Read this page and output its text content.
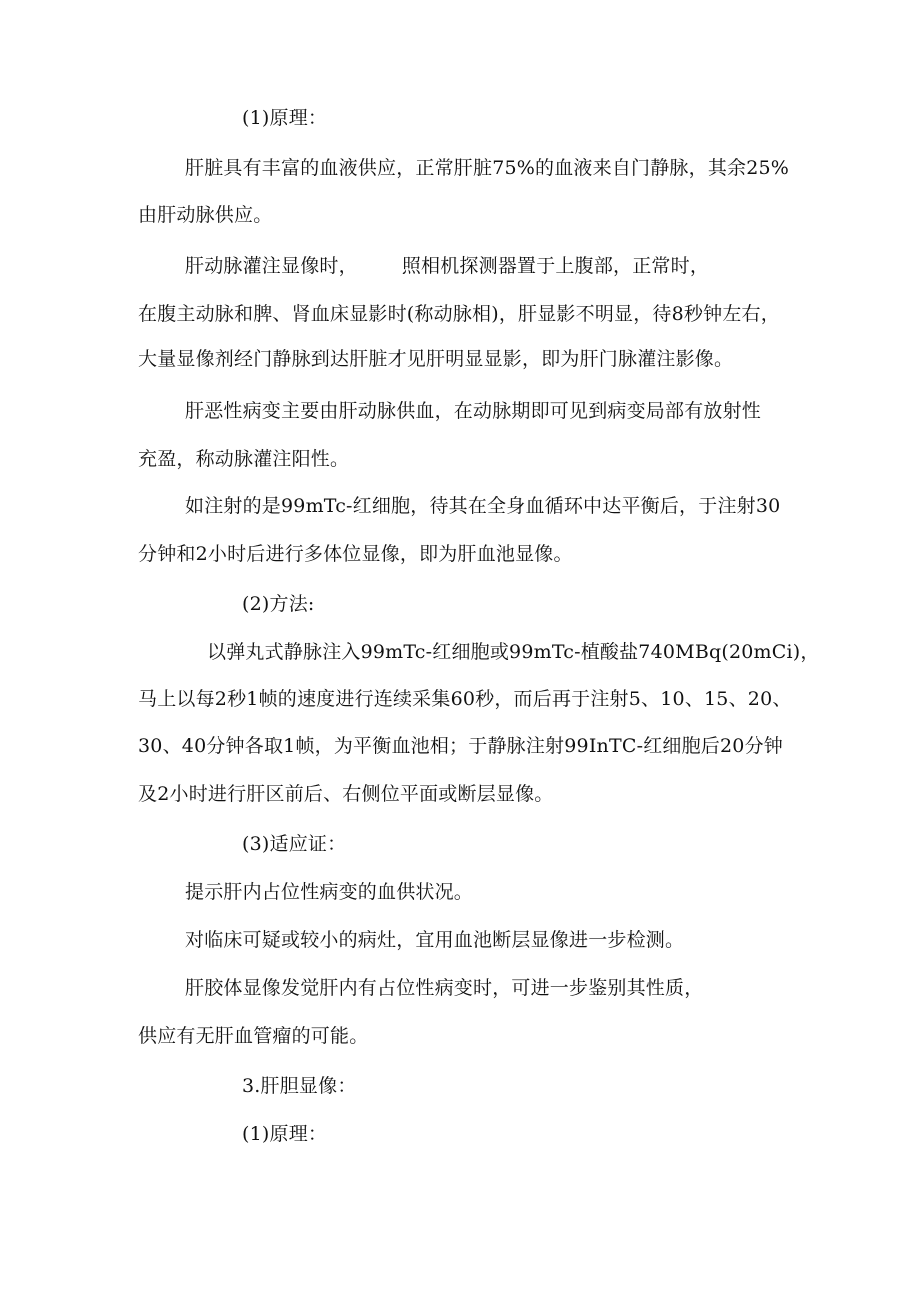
(1)原理：
肝脏具有丰富的血液供应，正常肝脏75%的血液来自门静脉，其余25%
由肝动脉供应。
肝动脉灌注显像时， 照相机探测器置于上腹部，正常时，
在腹主动脉和脾、肾血床显影时(称动脉相)，肝显影不明显，待8秒钟左右，
大量显像剂经门静脉到达肝脏才见肝明显显影，即为肝门脉灌注影像。
肝恶性病变主要由肝动脉供血，在动脉期即可见到病变局部有放射性
充盈，称动脉灌注阳性。
如注射的是99mTc-红细胞，待其在全身血循环中达平衡后，于注射30
分钟和2小时后进行多体位显像，即为肝血池显像。
(2)方法:
以弹丸式静脉注入99mTc-红细胞或99mTc-植酸盐740MBq(20mCi)，
马上以每2秒1帧的速度进行连续采集60秒，而后再于注射5、10、15、20、
30、40分钟各取1帧，为平衡血池相；于静脉注射99InTC-红细胞后20分钟
及2小时进行肝区前后、右侧位平面或断层显像。
(3)适应证：
提示肝内占位性病变的血供状况。
对临床可疑或较小的病灶，宜用血池断层显像进一步检测。
肝胶体显像发觉肝内有占位性病变时，可进一步鉴别其性质，
供应有无肝血管瘤的可能。
3.肝胆显像：
(1)原理：
